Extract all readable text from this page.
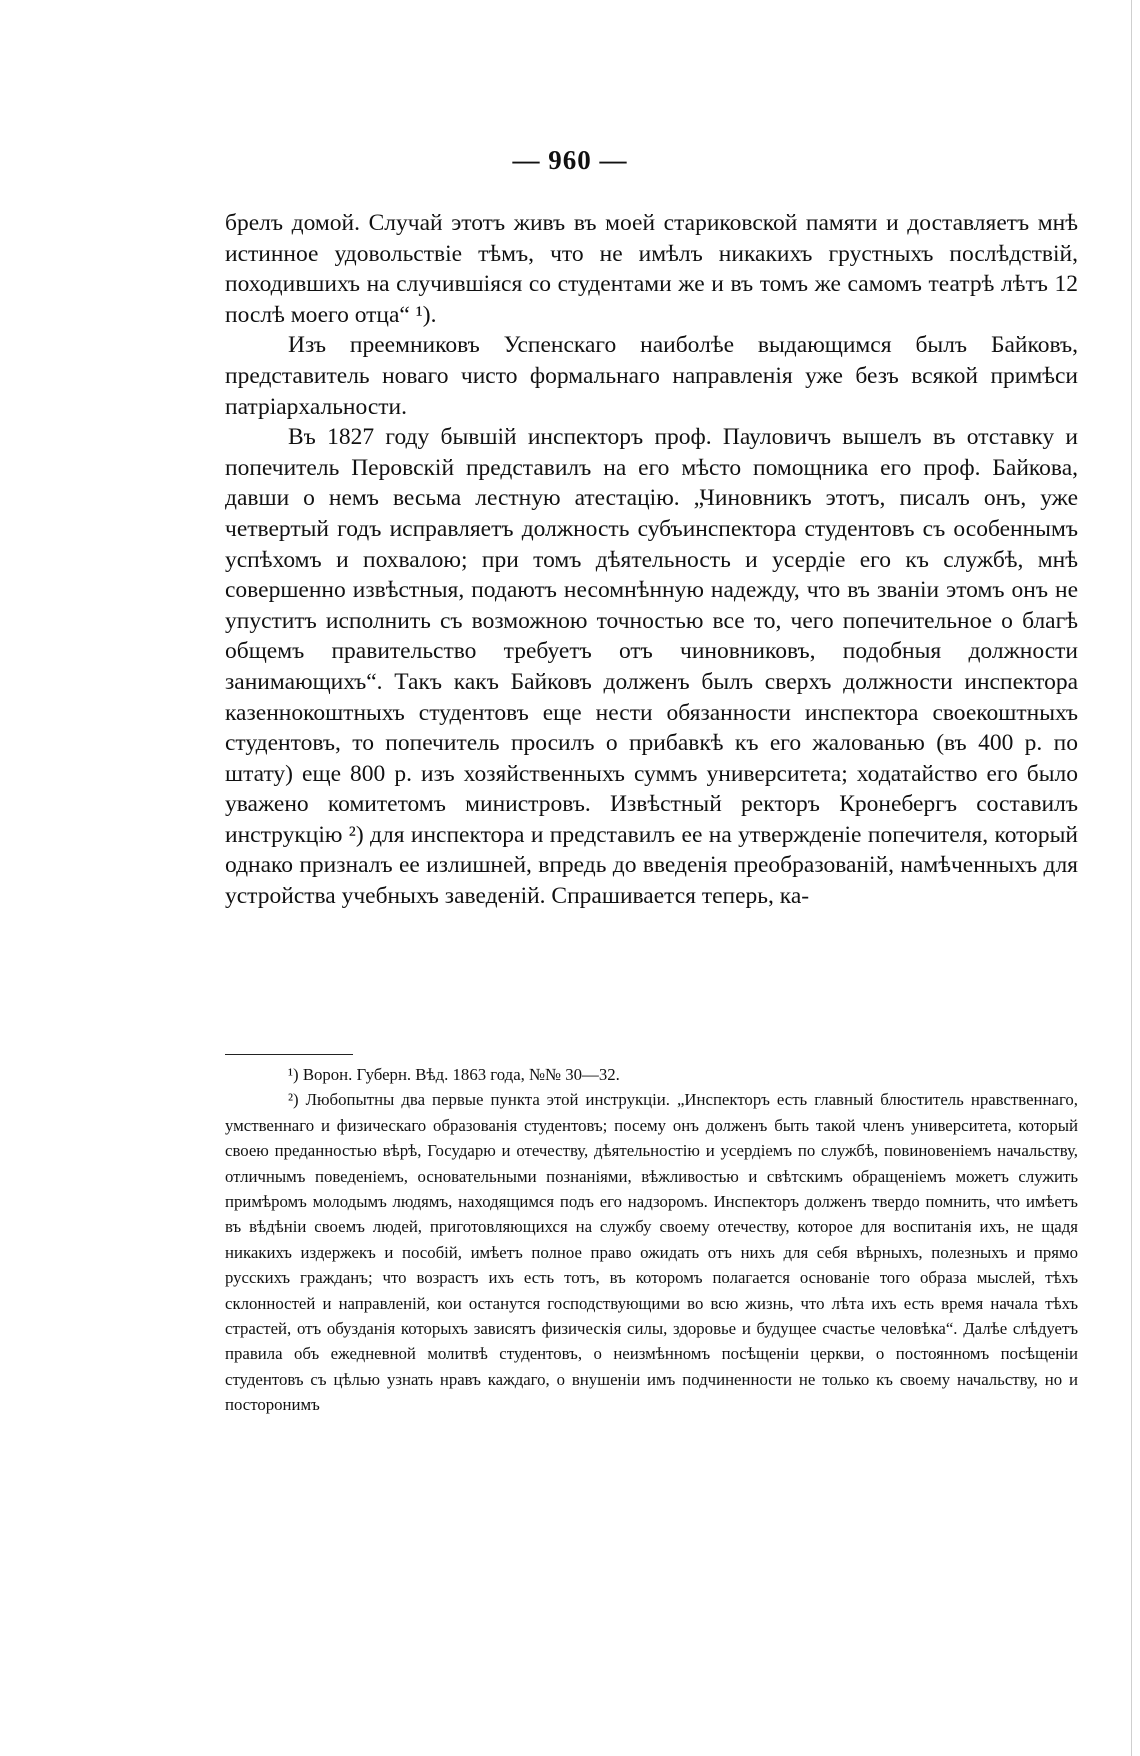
— 960 —

брелъ домой. Случай этотъ живъ въ моей стариковской памяти и доставляетъ мнѣ истинное удовольствіе тѣмъ, что не имѣлъ никакихъ грустныхъ послѣдствій, походившихъ на случившіяся со студентами же и въ томъ же самомъ театрѣ лѣтъ 12 послѣ моего отца“ ¹).

Изъ преемниковъ Успенскаго наиболѣе выдающимся былъ Байковъ, представитель новаго чисто формальнаго направленія уже безъ всякой примѣси патріархальности.

Въ 1827 году бывшій инспекторъ проф. Пауловичъ вышелъ въ отставку и попечитель Перовскій представилъ на его мѣсто помощника его проф. Байкова, давши о немъ весьма лестную атестацію. „Чиновникъ этотъ, писалъ онъ, уже четвертый годъ исправляетъ должность субъинспектора студентовъ съ особеннымъ успѣхомъ и похвалою; при томъ дѣятельность и усердіе его къ службѣ, мнѣ совершенно извѣстныя, подаютъ несомнѣнную надежду, что въ званіи этомъ онъ не упуститъ исполнить съ возможною точностью все то, чего попечительное о благѣ общемъ правительство требуетъ отъ чиновниковъ, подобныя должности занимающихъ“. Такъ какъ Байковъ долженъ былъ сверхъ должности инспектора казеннокоштныхъ студентовъ еще нести обязанности инспектора своекоштныхъ студентовъ, то попечитель просилъ о прибавкѣ къ его жалованью (въ 400 р. по штату) еще 800 р. изъ хозяйственныхъ суммъ университета; ходатайство его было уважено комитетомъ министровъ. Извѣстный ректоръ Кронебергъ составилъ инструкцію ²) для инспектора и представилъ ее на утвержденіе попечителя, который однако призналъ ее излишней, впредь до введенія преобразованій, намѣченныхъ для устройства учебныхъ заведеній. Спрашивается теперь, ка-

¹) Ворон. Губерн. Вѣд. 1863 года, №№ 30—32.

²) Любопытны два первые пункта этой инструкціи. „Инспекторъ есть главный блюститель нравственнаго, умственнаго и физическаго образованія студентовъ; посему онъ долженъ быть такой членъ университета, который своею преданностью вѣрѣ, Государю и отечеству, дѣятельностію и усердіемъ по службѣ, повиновеніемъ начальству, отличнымъ поведеніемъ, основательными познаніями, вѣжливостью и свѣтскимъ обращеніемъ можетъ служить примѣромъ молодымъ людямъ, находящимся подъ его надзоромъ. Инспекторъ долженъ твердо помнить, что имѣетъ въ вѣдѣніи своемъ людей, приготовляющихся на службу своему отечеству, которое для воспитанія ихъ, не щадя никакихъ издержекъ и пособій, имѣетъ полное право ожидать отъ нихъ для себя вѣрныхъ, полезныхъ и прямо русскихъ гражданъ; что возрастъ ихъ есть тотъ, въ которомъ полагается основаніе того образа мыслей, тѣхъ склонностей и направленій, кои останутся господствующими во всю жизнь, что лѣта ихъ есть время начала тѣхъ страстей, отъ обузданія которыхъ зависятъ физическія силы, здоровье и будущее счастье человѣка“. Далѣе слѣдуетъ правила объ ежедневной молитвѣ студентовъ, о неизмѣнномъ посѣщеніи церкви, о постоянномъ посѣщеніи студентовъ съ цѣлью узнать нравъ каждаго, о внушеніи имъ подчиненности не только къ своему начальству, но и посторонимъ
